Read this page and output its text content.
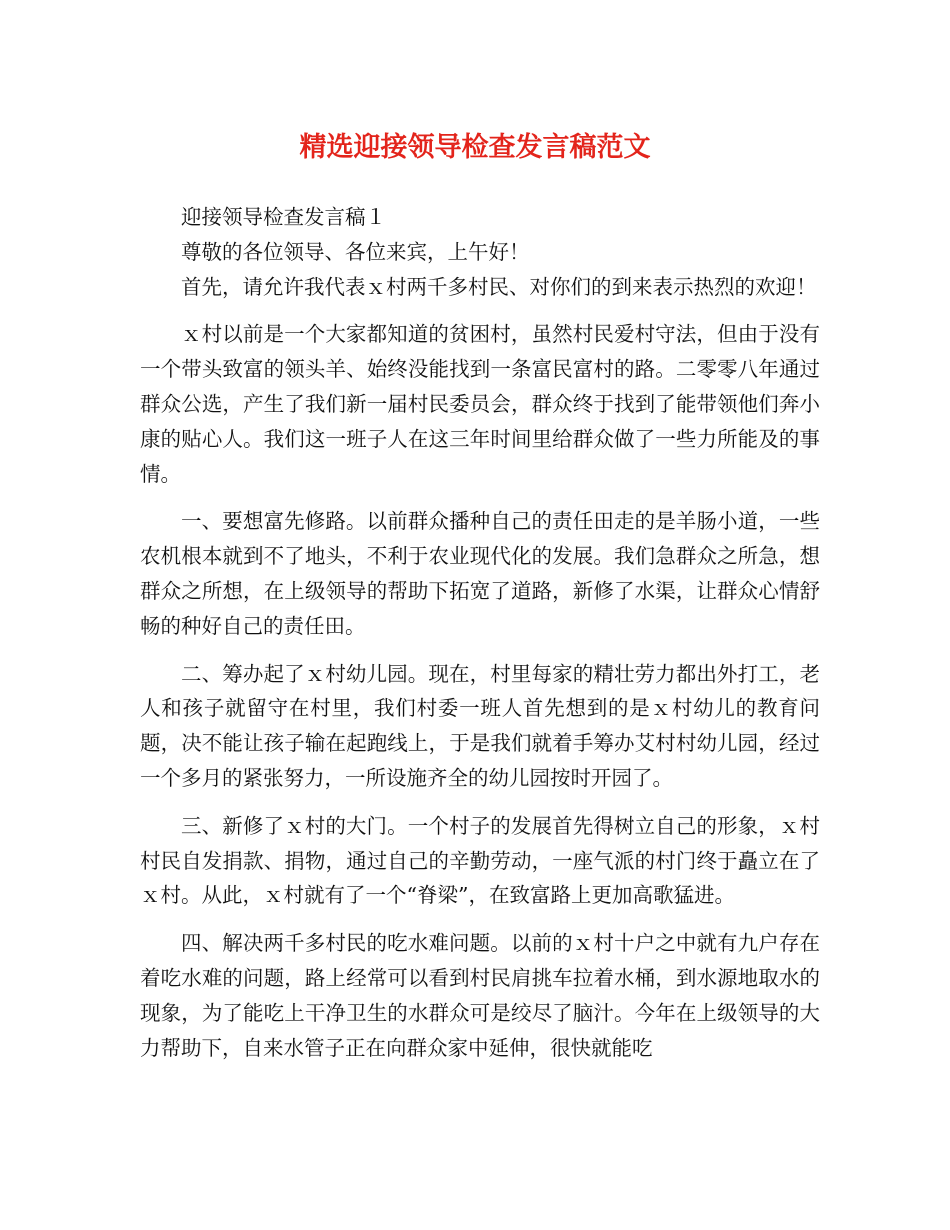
精选迎接领导检查发言稿范文

迎接领导检查发言稿１

尊敬的各位领导、各位来宾，上午好！

首先，请允许我代表ｘ村两千多村民、对你们的到来表示热烈的欢迎！

ｘ村以前是一个大家都知道的贫困村，虽然村民爱村守法，但由于没有一个带头致富的领头羊、始终没能找到一条富民富村的路。二零零八年通过群众公选，产生了我们新一届村民委员会，群众终于找到了能带领他们奔小康的贴心人。我们这一班子人在这三年时间里给群众做了一些力所能及的事情。

一、要想富先修路。以前群众播种自己的责任田走的是羊肠小道，一些农机根本就到不了地头，不利于农业现代化的发展。我们急群众之所急，想群众之所想，在上级领导的帮助下拓宽了道路，新修了水渠，让群众心情舒畅的种好自己的责任田。

二、筹办起了ｘ村幼儿园。现在，村里每家的精壮劳力都出外打工，老人和孩子就留守在村里，我们村委一班人首先想到的是ｘ村幼儿的教育问题，决不能让孩子输在起跑线上，于是我们就着手筹办艾村村幼儿园，经过一个多月的紧张努力，一所设施齐全的幼儿园按时开园了。

三、新修了ｘ村的大门。一个村子的发展首先得树立自己的形象，ｘ村村民自发捐款、捐物，通过自己的辛勤劳动，一座气派的村门终于矗立在了ｘ村。从此，ｘ村就有了一个“脊梁”，在致富路上更加高歌猛进。

四、解决两千多村民的吃水难问题。以前的ｘ村十户之中就有九户存在着吃水难的问题，路上经常可以看到村民肩挑车拉着水桶，到水源地取水的现象，为了能吃上干净卫生的水群众可是绞尽了脑汁。今年在上级领导的大力帮助下，自来水管子正在向群众家中延伸，很快就能吃
